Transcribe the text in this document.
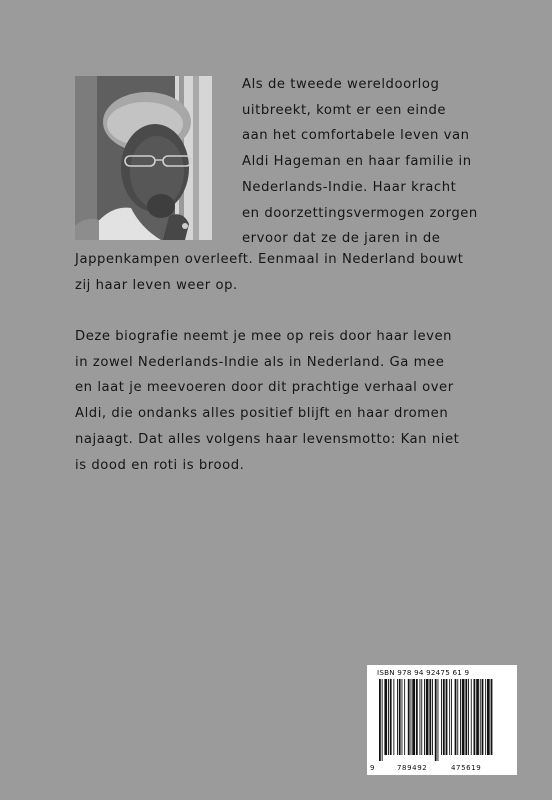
Als de tweede wereldoorlog
uitbreekt, komt er een einde
aan het comfortabele leven van
Aldi Hageman en haar familie in
Nederlands-Indie. Haar kracht
en doorzettingsvermogen zorgen
ervoor dat ze de jaren in de

Jappenkampen overleeft. Eenmaal in Nederland bouwt
zij haar leven weer op.

Deze biografie neemt je mee op reis door haar leven
in zowel Nederlands-Indie als in Nederland. Ga mee
en laat je meevoeren door dit prachtige verhaal over
Aldi, die ondanks alles positief blijft en haar dromen
najaagt. Dat alles volgens haar levensmotto: Kan niet
is dood en roti is brood.

ISBN 978 94 92475 61 9
9	789492	475619
